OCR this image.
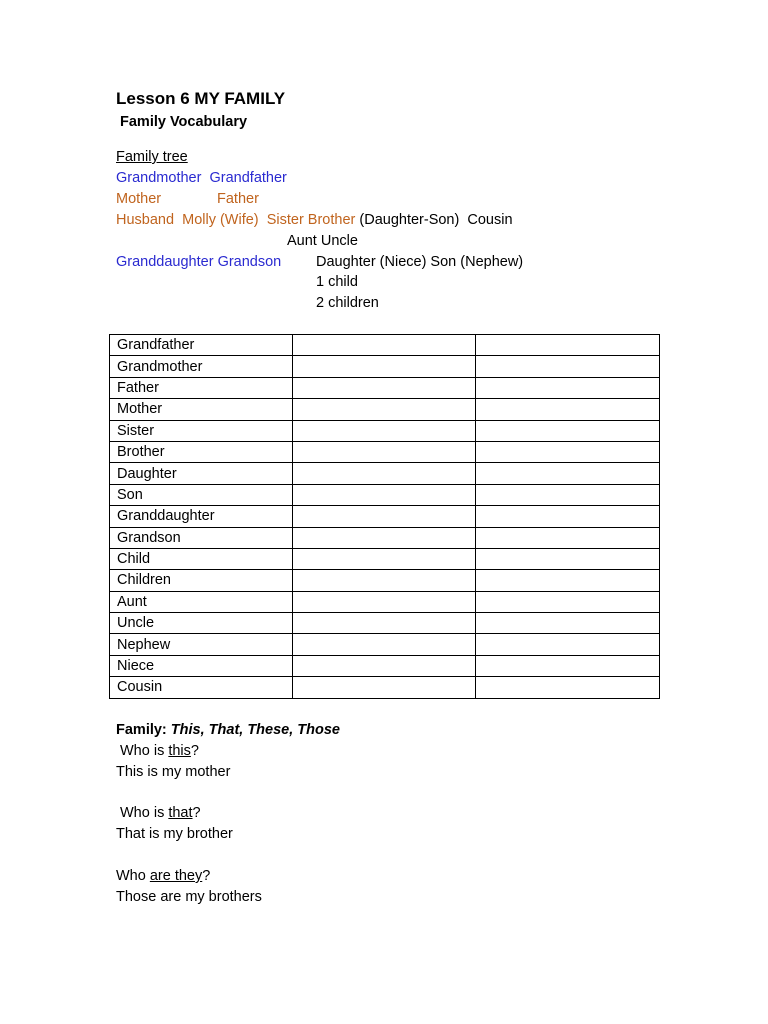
Lesson 6 MY FAMILY
Family Vocabulary
Family tree
Grandmother Grandfather
Mother	Father
Husband Molly (Wife) Sister Brother (Daughter-Son) Cousin
Aunt Uncle
Granddaughter Grandson Daughter (Niece) Son (Nephew)
1 child
2 children
Grandfather		
Grandmother		
Father		
Mother		
Sister		
Brother		
Daughter		
Son		
Granddaughter		
Grandson		
Child		
Children		
Aunt		
Uncle		
Nephew		
Niece		
Cousin		
Family: This, That, These, Those
Who is this?
This is my mother
Who is that?
That is my brother
Who are they?
Those are my brothers
